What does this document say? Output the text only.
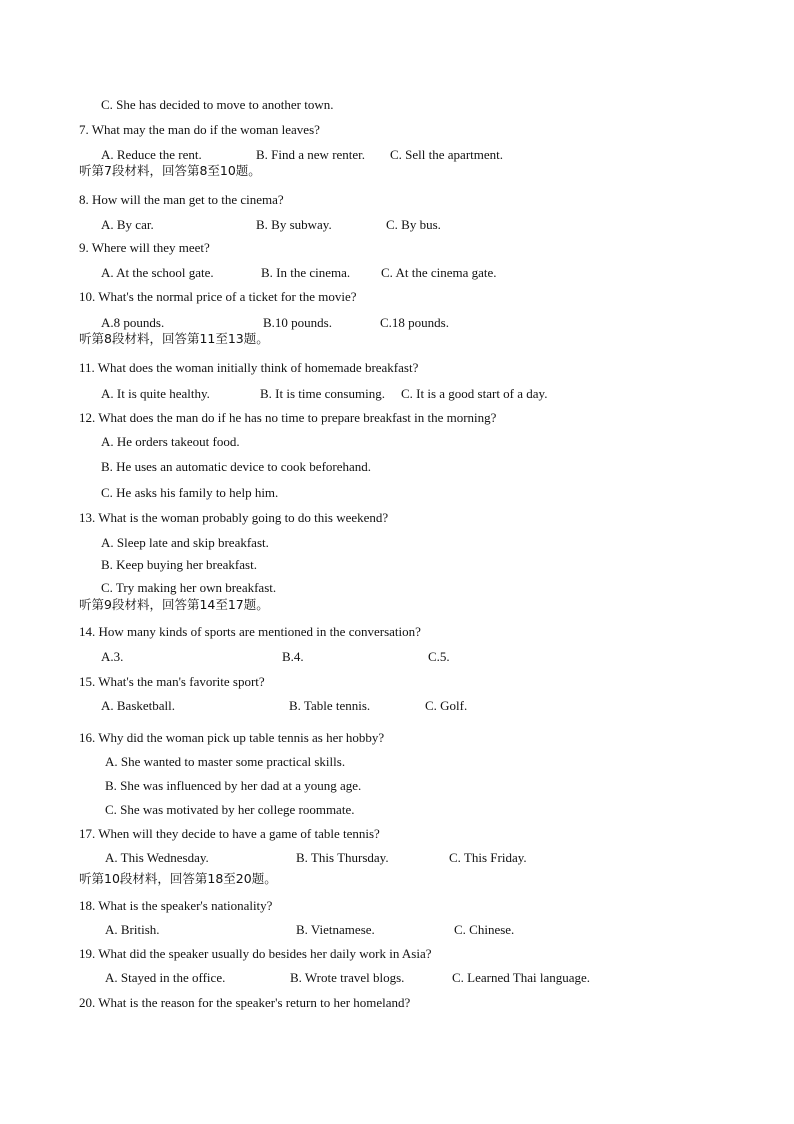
C. She has decided to move to another town.
7. What may the man do if the woman leaves?
A. Reduce the rent.	B. Find a new renter. C. Sell the apartment.
听第7段材料，回答第8至10题。
8. How will the man get to the cinema?
A. By car.	B. By subway.	C. By bus.
9. Where will they meet?
A. At the school gate.	B. In the cinema. C. At the cinema gate.
10. What's the normal price of a ticket for the movie?
A.8 pounds.	B.10 pounds.	C.18 pounds.
听第8段材料，回答第11至13题。
11. What does the woman initially think of homemade breakfast?
A. It is quite healthy.	B. It is time consuming. C. It is a good start of a day.
12. What does the man do if he has no time to prepare breakfast in the morning?
A. He orders takeout food.
B. He uses an automatic device to cook beforehand.
C. He asks his family to help him.
13. What is the woman probably going to do this weekend?
A. Sleep late and skip breakfast.
B. Keep buying her breakfast.
C. Try making her own breakfast.
听第9段材料，回答第14至17题。
14. How many kinds of sports are mentioned in the conversation?
A.3.	B.4.	C.5.
15. What's the man's favorite sport?
A. Basketball.	B. Table tennis.	C. Golf.
16. Why did the woman pick up table tennis as her hobby?
A. She wanted to master some practical skills.
B. She was influenced by her dad at a young age.
C. She was motivated by her college roommate.
17. When will they decide to have a game of table tennis?
A. This Wednesday.	B. This Thursday.	C. This Friday.
听第10段材料，回答第18至20题。
18. What is the speaker's nationality?
A. British.	B. Vietnamese.	C. Chinese.
19. What did the speaker usually do besides her daily work in Asia?
A. Stayed in the office.	B. Wrote travel blogs.	C. Learned Thai language.
20. What is the reason for the speaker's return to her homeland?
